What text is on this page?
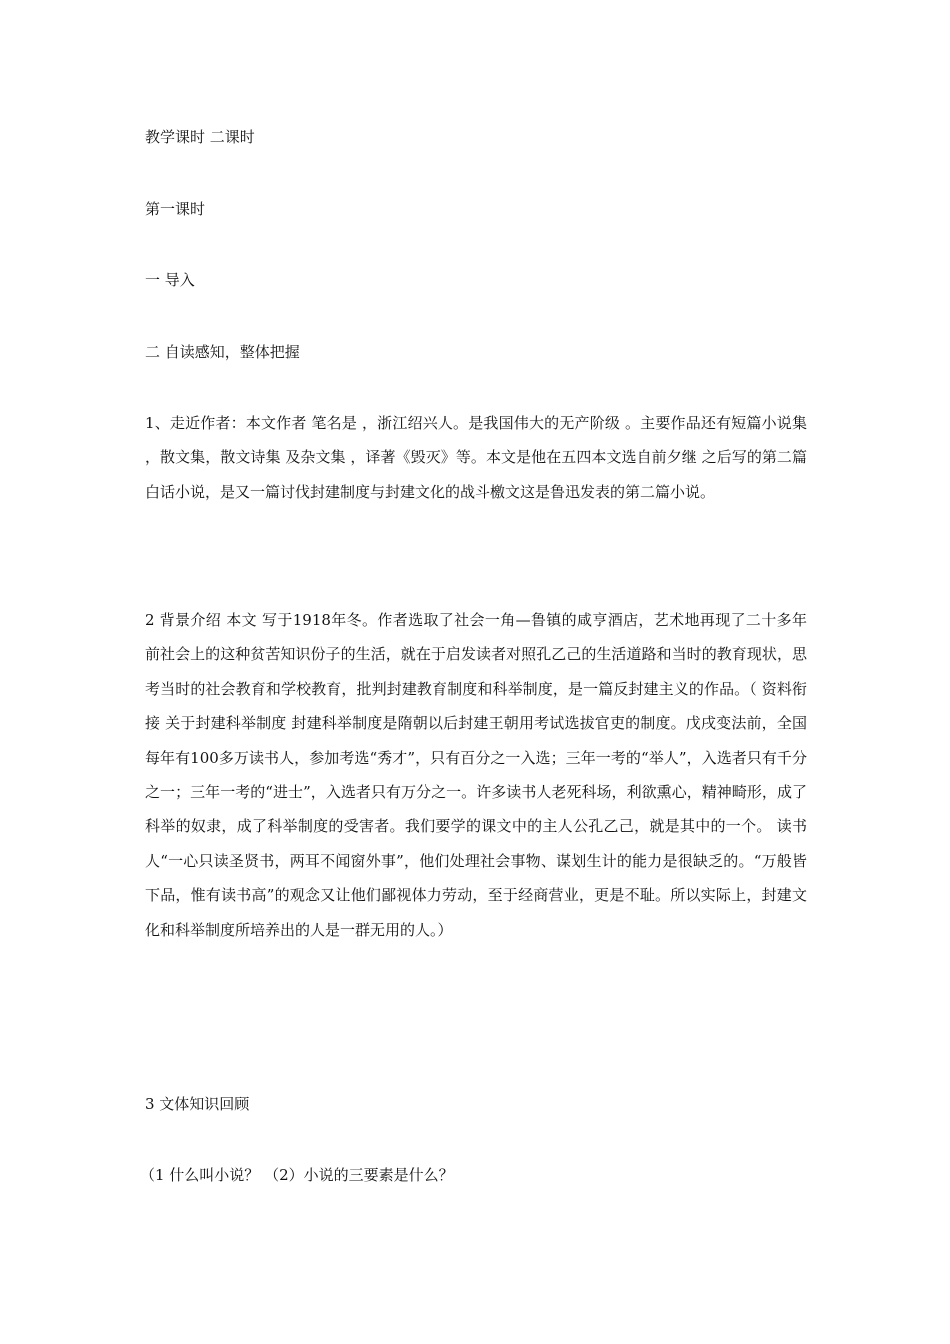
教学课时 二课时
第一课时
一 导入
二 自读感知，整体把握
1、走近作者：本文作者 笔名是 ，浙江绍兴人。是我国伟大的无产阶级 。主要作品还有短篇小说集 ，散文集，散文诗集 及杂文集 ，译著《毁灭》等。本文是他在五四本文选自前夕继 之后写的第二篇白话小说，是又一篇讨伐封建制度与封建文化的战斗檄文这是鲁迅发表的第二篇小说。
2 背景介绍 本文 写于1918年冬。作者选取了社会一角—鲁镇的咸亨酒店，艺术地再现了二十多年前社会上的这种贫苦知识份子的生活，就在于启发读者对照孔乙己的生活道路和当时的教育现状，思考当时的社会教育和学校教育，批判封建教育制度和科举制度，是一篇反封建主义的作品。（ 资料衔接 关于封建科举制度 封建科举制度是隋朝以后封建王朝用考试选拔官吏的制度。戊戌变法前，全国每年有100多万读书人，参加考选“秀才”，只有百分之一入选；三年一考的“举人”，入选者只有千分之一；三年一考的“进士”，入选者只有万分之一。许多读书人老死科场，利欲熏心，精神畸形，成了科举的奴隶，成了科举制度的受害者。我们要学的课文中的主人公孔乙己，就是其中的一个。 读书人“一心只读圣贤书，两耳不闻窗外事”，他们处理社会事物、谋划生计的能力是很缺乏的。“万般皆下品，惟有读书高”的观念又让他们鄙视体力劳动，至于经商营业，更是不耻。所以实际上，封建文化和科举制度所培养出的人是一群无用的人。）
3 文体知识回顾
（1 什么叫小说？ （2）小说的三要素是什么？
